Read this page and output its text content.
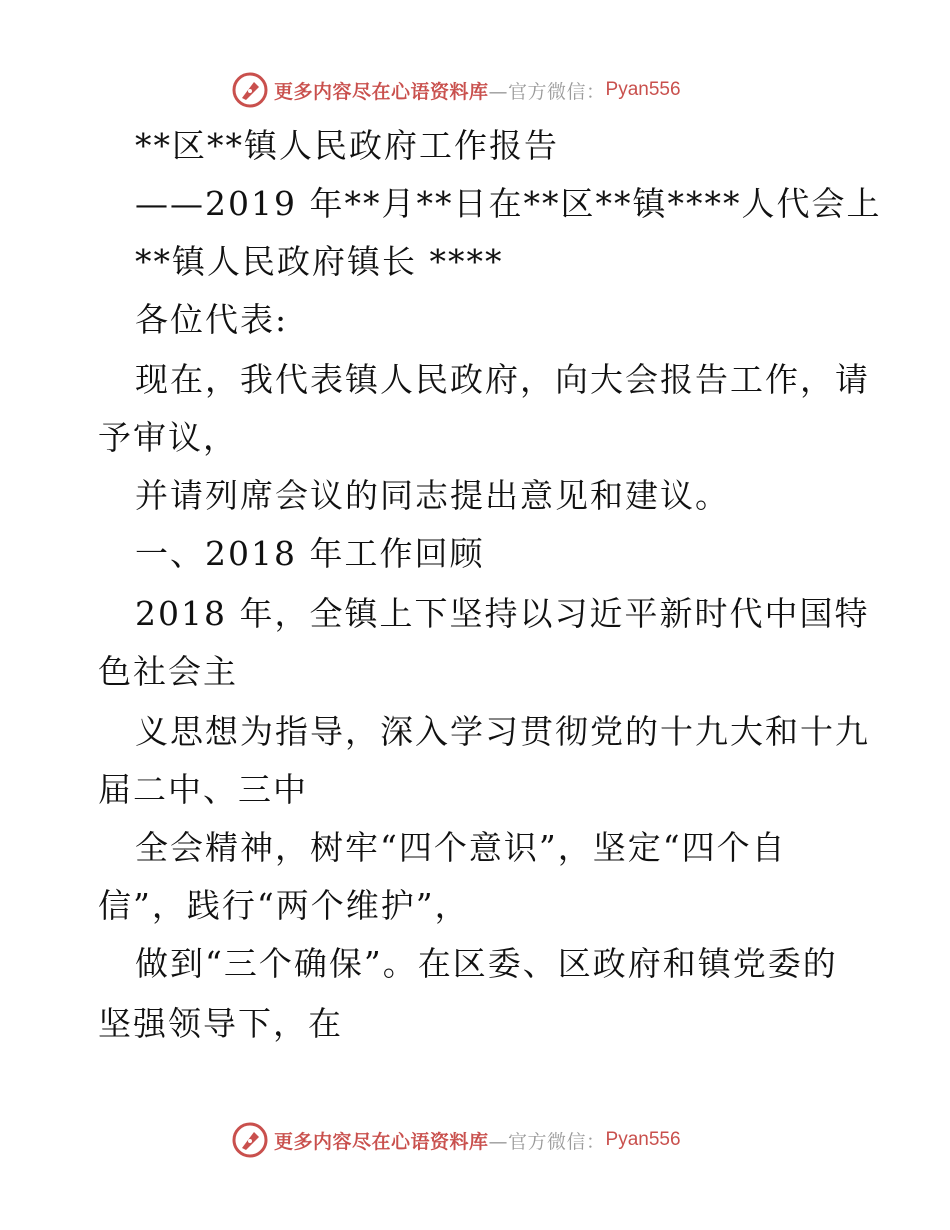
更多内容尽在心语资料库 —官方微信： Pyan556
**区**镇人民政府工作报告
——2019 年**月**日在**区**镇****人代会上
**镇人民政府镇长 ****
各位代表:
现在，我代表镇人民政府，向大会报告工作，请
予审议，
并请列席会议的同志提出意见和建议。
一、2018 年工作回顾
2018 年，全镇上下坚持以习近平新时代中国特
色社会主
义思想为指导，深入学习贯彻党的十九大和十九
届二中、三中
全会精神，树牢“四个意识”，坚定“四个自
信”，践行“两个维护”，
做到“三个确保”。在区委、区政府和镇党委的
坚强领导下，在
更多内容尽在心语资料库 —官方微信： Pyan556
